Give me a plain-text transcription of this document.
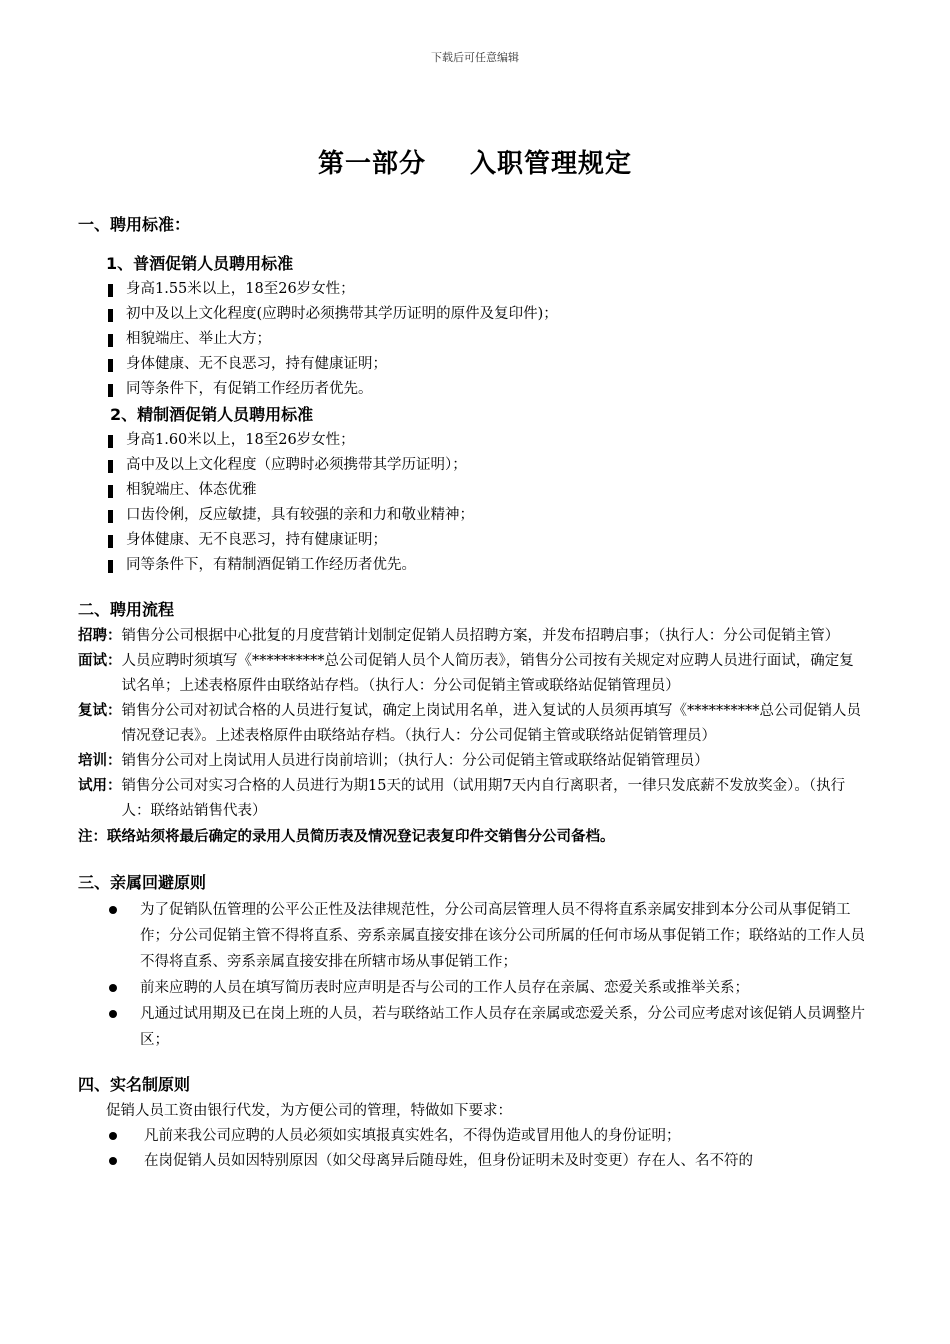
下载后可任意编辑
第一部分 入职管理规定
一、聘用标准：
1、普酒促销人员聘用标准
身高1.55米以上，18至26岁女性；
初中及以上文化程度(应聘时必须携带其学历证明的原件及复印件)；
相貌端庄、举止大方；
身体健康、无不良恶习，持有健康证明；
同等条件下，有促销工作经历者优先。
2、精制酒促销人员聘用标准
身高1.60米以上，18至26岁女性；
高中及以上文化程度（应聘时必须携带其学历证明）；
相貌端庄、体态优雅
口齿伶俐，反应敏捷，具有较强的亲和力和敬业精神；
身体健康、无不良恶习，持有健康证明；
同等条件下，有精制酒促销工作经历者优先。
二、聘用流程
招聘： 销售分公司根据中心批复的月度营销计划制定促销人员招聘方案，并发布招聘启事；（执行人：分公司促销主管）
面试： 人员应聘时须填写《**********总公司促销人员个人简历表》，销售分公司按有关规定对应聘人员进行面试，确定复试名单；上述表格原件由联络站存档。（执行人：分公司促销主管或联络站促销管理员）
复试： 销售分公司对初试合格的人员进行复试，确定上岗试用名单，进入复试的人员须再填写《**********总公司促销人员情况登记表》。上述表格原件由联络站存档。（执行人：分公司促销主管或联络站促销管理员）
培训： 销售分公司对上岗试用人员进行岗前培训；（执行人：分公司促销主管或联络站促销管理员）
试用： 销售分公司对实习合格的人员进行为期15天的试用（试用期7天内自行离职者，一律只发底薪不发放奖金）。（执行人：联络站销售代表）
注：联络站须将最后确定的录用人员简历表及情况登记表复印件交销售分公司备档。
三、亲属回避原则
为了促销队伍管理的公平公正性及法律规范性，分公司高层管理人员不得将直系亲属安排到本分公司从事促销工作；分公司促销主管不得将直系、旁系亲属直接安排在该分公司所属的任何市场从事促销工作；联络站的工作人员不得将直系、旁系亲属直接安排在所辖市场从事促销工作；
前来应聘的人员在填写简历表时应声明是否与公司的工作人员存在亲属、恋爱关系或推举关系；
凡通过试用期及已在岗上班的人员，若与联络站工作人员存在亲属或恋爱关系，分公司应考虑对该促销人员调整片区；
四、实名制原则
促销人员工资由银行代发，为方便公司的管理，特做如下要求：
凡前来我公司应聘的人员必须如实填报真实姓名，不得伪造或冒用他人的身份证明；
在岗促销人员如因特别原因（如父母离异后随母姓，但身份证明未及时变更）存在人、名不符的
